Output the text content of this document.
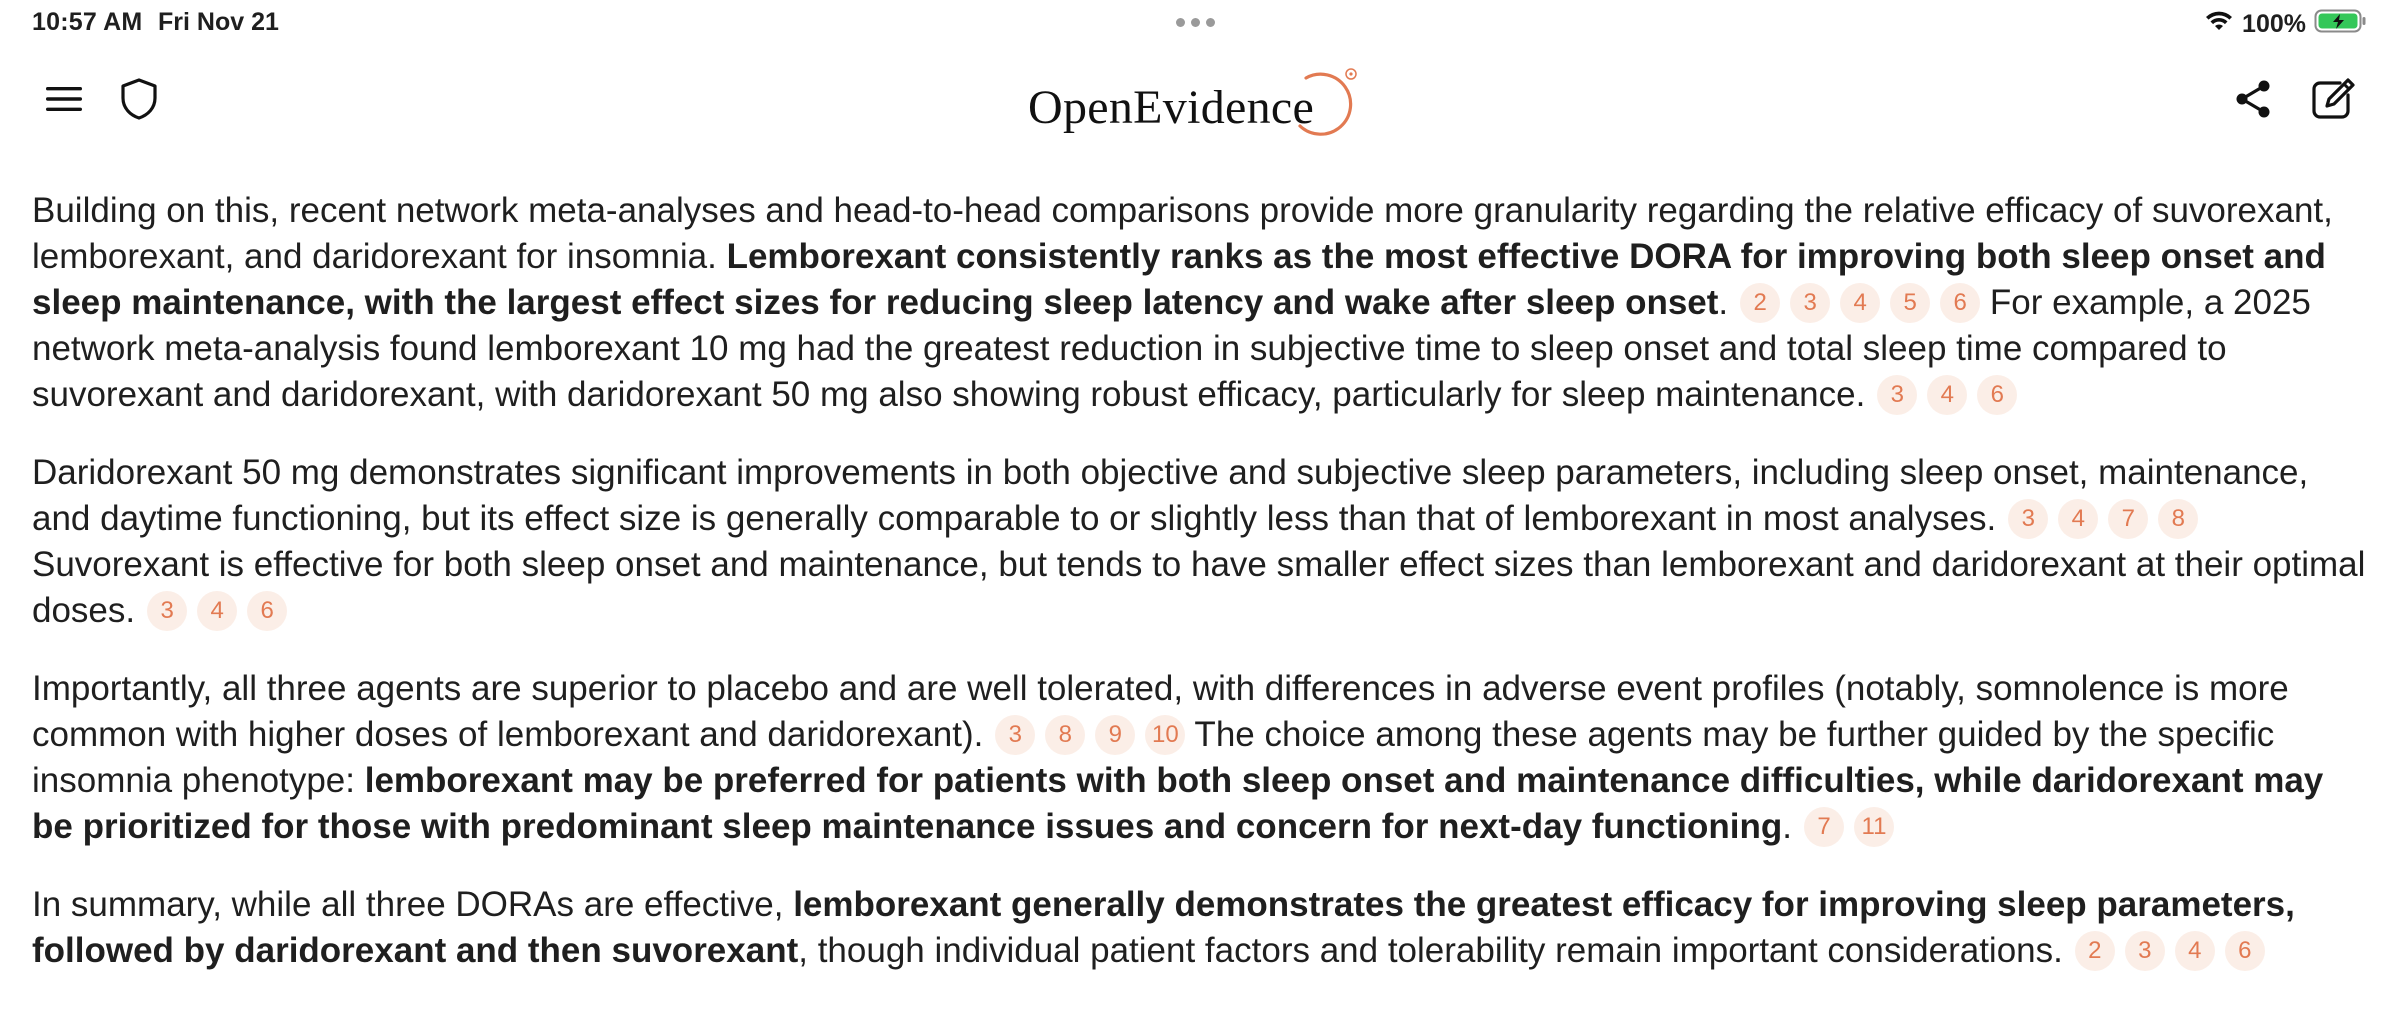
10:57 AM Fri Nov 21	100%
OpenEvidence

Building on this, recent network meta-analyses and head-to-head comparisons provide more granularity regarding the relative efficacy of suvorexant, lemborexant, and daridorexant for insomnia. Lemborexant consistently ranks as the most effective DORA for improving both sleep onset and sleep maintenance, with the largest effect sizes for reducing sleep latency and wake after sleep onset. 2 3 4 5 6 For example, a 2025 network meta-analysis found lemborexant 10 mg had the greatest reduction in subjective time to sleep onset and total sleep time compared to suvorexant and daridorexant, with daridorexant 50 mg also showing robust efficacy, particularly for sleep maintenance. 3 4 6

Daridorexant 50 mg demonstrates significant improvements in both objective and subjective sleep parameters, including sleep onset, maintenance, and daytime functioning, but its effect size is generally comparable to or slightly less than that of lemborexant in most analyses. 3 4 7 8 Suvorexant is effective for both sleep onset and maintenance, but tends to have smaller effect sizes than lemborexant and daridorexant at their optimal doses. 3 4 6

Importantly, all three agents are superior to placebo and are well tolerated, with differences in adverse event profiles (notably, somnolence is more common with higher doses of lemborexant and daridorexant). 3 8 9 10 The choice among these agents may be further guided by the specific insomnia phenotype: lemborexant may be preferred for patients with both sleep onset and maintenance difficulties, while daridorexant may be prioritized for those with predominant sleep maintenance issues and concern for next-day functioning. 7 11

In summary, while all three DORAs are effective, lemborexant generally demonstrates the greatest efficacy for improving sleep parameters, followed by daridorexant and then suvorexant, though individual patient factors and tolerability remain important considerations. 2 3 4 6
